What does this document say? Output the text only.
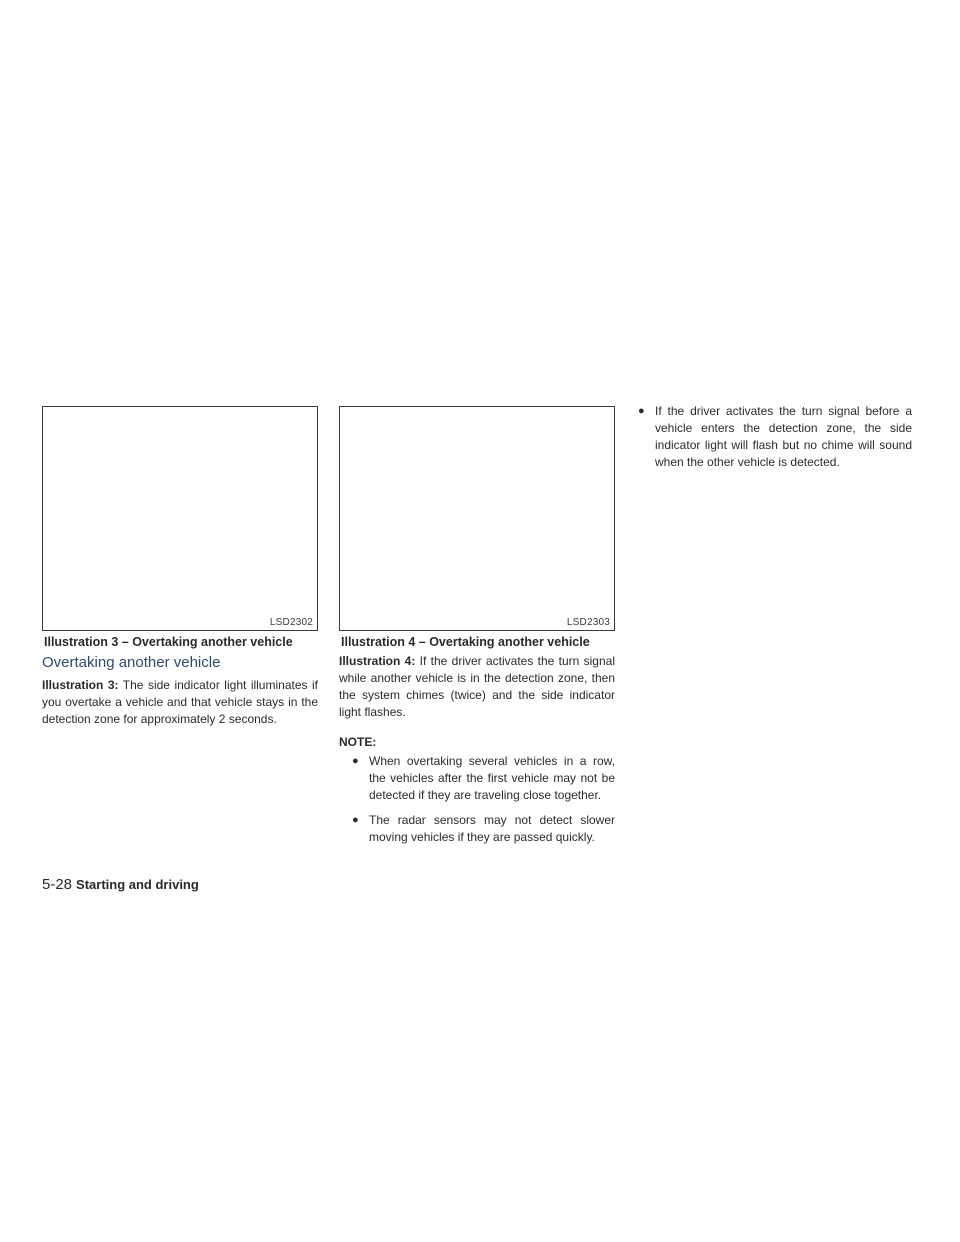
LSD2302
Illustration 3 – Overtaking another vehicle
Overtaking another vehicle

Illustration 3: The side indicator light illuminates if you overtake a vehicle and that vehicle stays in the detection zone for approximately 2 seconds.

LSD2303
Illustration 4 – Overtaking another vehicle

Illustration 4: If the driver activates the turn signal while another vehicle is in the detection zone, then the system chimes (twice) and the side indicator light flashes.

NOTE:
● When overtaking several vehicles in a row, the vehicles after the first vehicle may not be detected if they are traveling close together.
● The radar sensors may not detect slower moving vehicles if they are passed quickly.
● If the driver activates the turn signal before a vehicle enters the detection zone, the side indicator light will flash but no chime will sound when the other vehicle is detected.
5-28 Starting and driving
